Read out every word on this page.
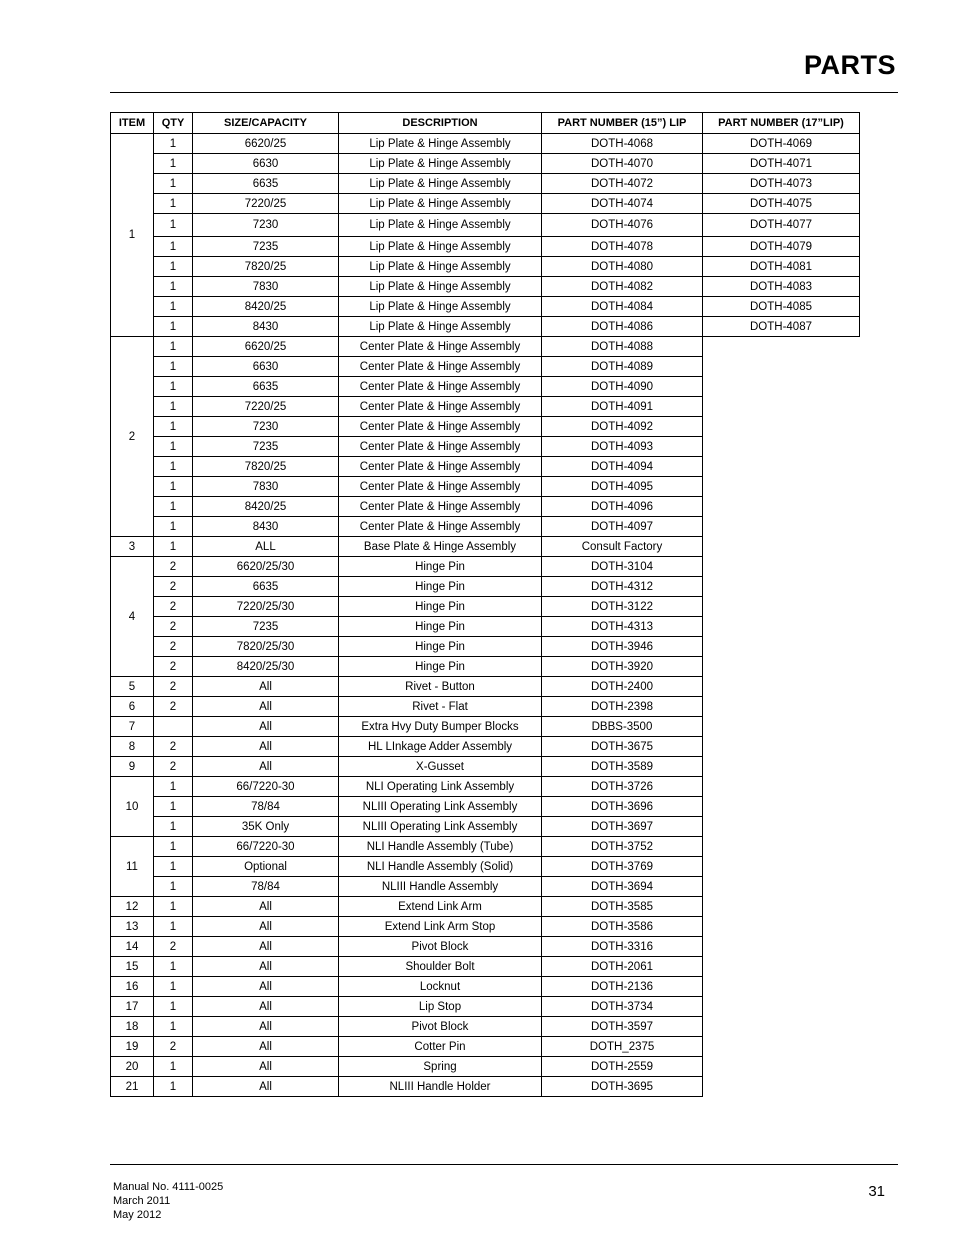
PARTS
ITEM	QTY	SIZE/CAPACITY	DESCRIPTION	PART NUMBER (15”) LIP	PART NUMBER (17”LIP)
1	1	6620/25	Lip Plate & Hinge Assembly	DOTH-4068	DOTH-4069
	1	6630	Lip Plate & Hinge Assembly	DOTH-4070	DOTH-4071
	1	6635	Lip Plate & Hinge Assembly	DOTH-4072	DOTH-4073
	1	7220/25	Lip Plate & Hinge Assembly	DOTH-4074	DOTH-4075
	1	7230	Lip Plate & Hinge Assembly	DOTH-4076	DOTH-4077
	1	7235	Lip Plate & Hinge Assembly	DOTH-4078	DOTH-4079
	1	7820/25	Lip Plate & Hinge Assembly	DOTH-4080	DOTH-4081
	1	7830	Lip Plate & Hinge Assembly	DOTH-4082	DOTH-4083
	1	8420/25	Lip Plate & Hinge Assembly	DOTH-4084	DOTH-4085
	1	8430	Lip Plate & Hinge Assembly	DOTH-4086	DOTH-4087
2	1	6620/25	Center Plate & Hinge Assembly	DOTH-4088	
	1	6630	Center Plate & Hinge Assembly	DOTH-4089	
	1	6635	Center Plate & Hinge Assembly	DOTH-4090	
	1	7220/25	Center Plate & Hinge Assembly	DOTH-4091	
	1	7230	Center Plate & Hinge Assembly	DOTH-4092	
	1	7235	Center Plate & Hinge Assembly	DOTH-4093	
	1	7820/25	Center Plate & Hinge Assembly	DOTH-4094	
	1	7830	Center Plate & Hinge Assembly	DOTH-4095	
	1	8420/25	Center Plate & Hinge Assembly	DOTH-4096	
	1	8430	Center Plate & Hinge Assembly	DOTH-4097	
3	1	ALL	Base Plate & Hinge Assembly	Consult Factory	
4	2	6620/25/30	Hinge Pin	DOTH-3104	
	2	6635	Hinge Pin	DOTH-4312	
	2	7220/25/30	Hinge Pin	DOTH-3122	
	2	7235	Hinge Pin	DOTH-4313	
	2	7820/25/30	Hinge Pin	DOTH-3946	
	2	8420/25/30	Hinge Pin	DOTH-3920	
5	2	All	Rivet - Button	DOTH-2400	
6	2	All	Rivet - Flat	DOTH-2398	
7		All	Extra Hvy Duty Bumper Blocks	DBBS-3500	
8	2	All	HL LInkage Adder Assembly	DOTH-3675	
9	2	All	X-Gusset	DOTH-3589	
10	1	66/7220-30	NLI Operating Link Assembly	DOTH-3726	
	1	78/84	NLIII Operating Link Assembly	DOTH-3696	
	1	35K Only	NLIII Operating Link Assembly	DOTH-3697	
11	1	66/7220-30	NLI Handle Assembly (Tube)	DOTH-3752	
	1	Optional	NLI Handle Assembly (Solid)	DOTH-3769	
	1	78/84	NLIII Handle Assembly	DOTH-3694	
12	1	All	Extend Link Arm	DOTH-3585	
13	1	All	Extend Link Arm Stop	DOTH-3586	
14	2	All	Pivot Block	DOTH-3316	
15	1	All	Shoulder Bolt	DOTH-2061	
16	1	All	Locknut	DOTH-2136	
17	1	All	Lip Stop	DOTH-3734	
18	1	All	Pivot Block	DOTH-3597	
19	2	All	Cotter Pin	DOTH_2375	
20	1	All	Spring	DOTH-2559	
21	1	All	NLIII Handle Holder	DOTH-3695	
Manual No. 4111-0025
March 2011
May 2012
31
